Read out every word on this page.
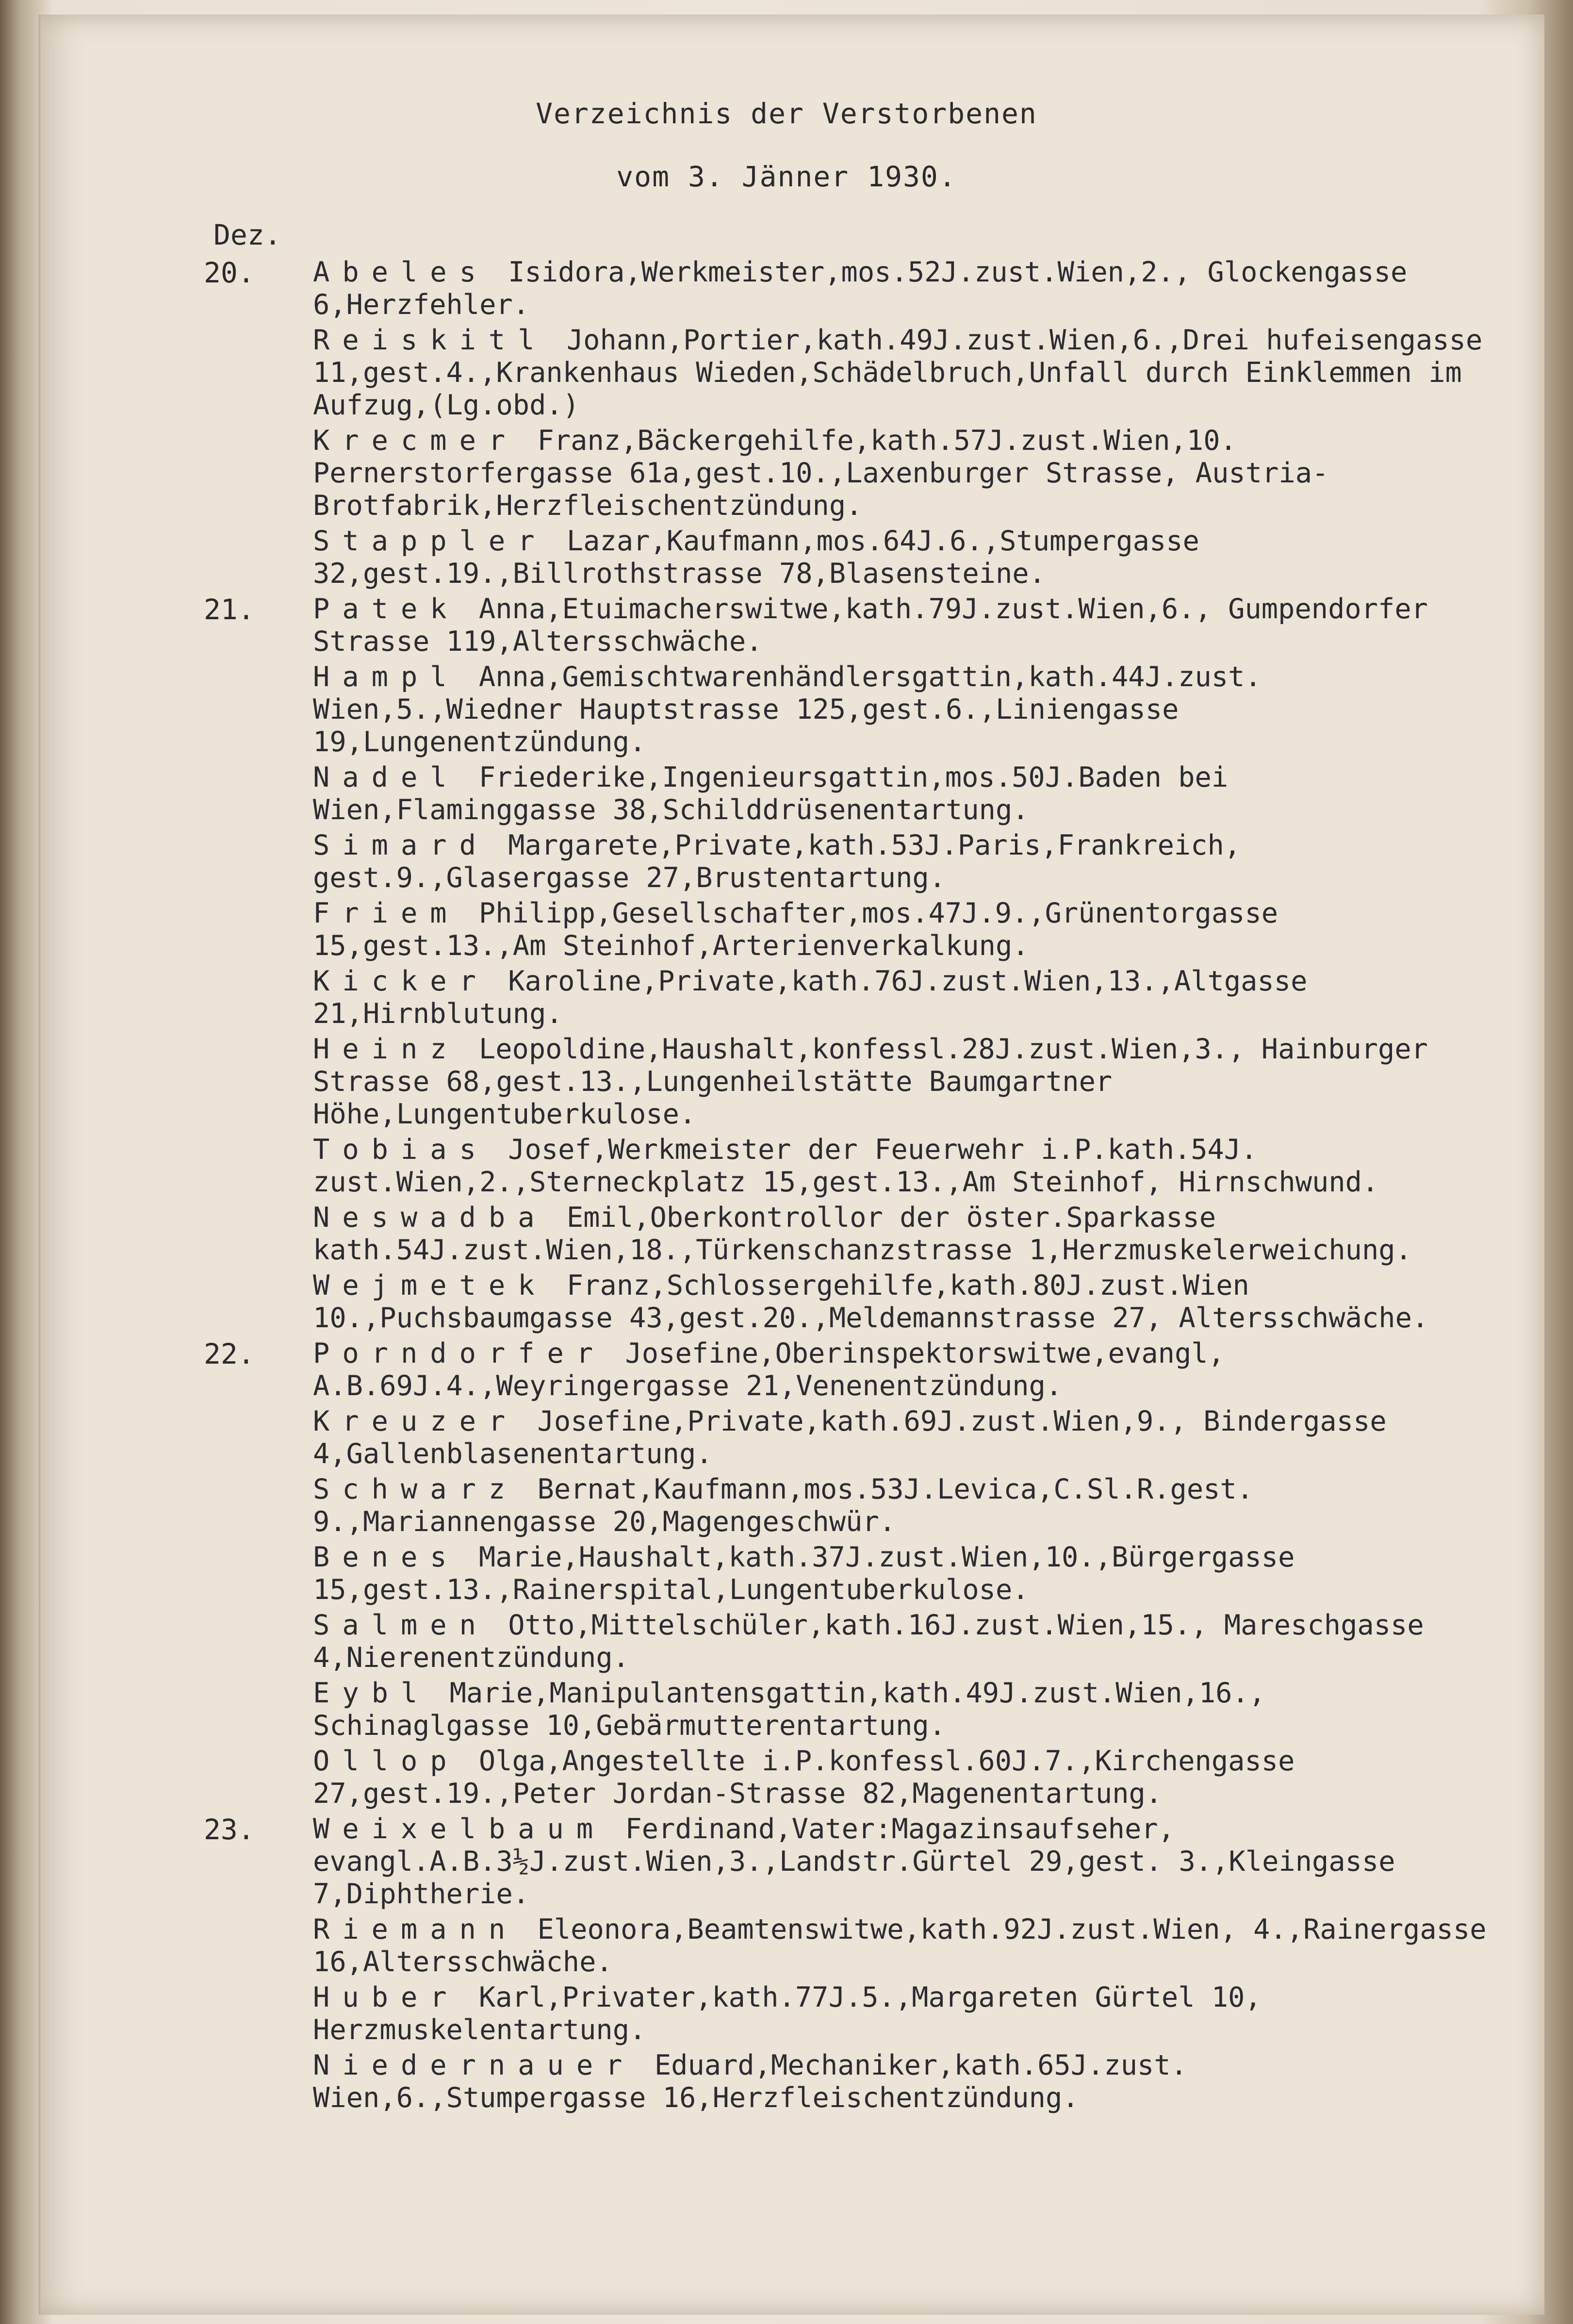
Verzeichnis der Verstorbenen
vom 3. Jänner 1930.
Dez.
20. Abeles Isidora,Werkmeister,mos.52J.zust.Wien,2., Glockengasse 6,Herzfehler.
Reiskitl Johann,Portier,kath.49J.zust.Wien,6.,Drei hufeisengasse 11,gest.4.,Krankenhaus Wieden,Schädelbruch,Unfall durch Einklemmen im Aufzug,(Lg.obd.)
Krecmer Franz,Bäckergehilfe,kath.57J.zust.Wien,10. Pernerstorfergasse 61a,gest.10.,Laxenburger Strasse, Austria-Brotfabrik,Herzfleischentzündung.
Stappler Lazar,Kaufmann,mos.64J.6.,Stumpergasse 32,gest.19.,Billrothstrasse 78,Blasensteine.
21. Patek Anna,Etuimacherswitwe,kath.79J.zust.Wien,6., Gumpendorfer Strasse 119,Altersschwäche.
Hampl Anna,Gemischtwarenhändlersgattin,kath.44J.zust. Wien,5.,Wiedner Hauptstrasse 125,gest.6.,Liniengasse 19,Lungenentzündung.
Nadel Friederike,Ingenieursgattin,mos.50J.Baden bei Wien,Flaminggasse 38,Schilddrüsenentartung.
Simard Margarete,Private,kath.53J.Paris,Frankreich, gest.9.,Glasergasse 27,Brustentartung.
Friem Philipp,Gesellschafter,mos.47J.9.,Grünentorgasse 15,gest.13.,Am Steinhof,Arterienverkalkung.
Kicker Karoline,Private,kath.76J.zust.Wien,13.,Altgasse 21,Hirnblutung.
Heinz Leopoldine,Haushalt,konfessl.28J.zust.Wien,3., Hainburger Strasse 68,gest.13.,Lungenheilstätte Baumgartner Höhe,Lungentuberkulose.
Tobias Josef,Werkmeister der Feuerwehr i.P.kath.54J. zust.Wien,2.,Sterneckplatz 15,gest.13.,Am Steinhof, Hirnschwund.
Neswadba Emil,Oberkontrollor der öster.Sparkasse kath.54J.zust.Wien,18.,Türkenschanzstrasse 1,Herzmuskelerweichung.
Wejmetek Franz,Schlossergehilfe,kath.80J.zust.Wien 10.,Puchsbaumgasse 43,gest.20.,Meldemannstrasse 27, Altersschwäche.
22. Porndorfer Josefine,Oberinspektorswitwe,evangl, A.B.69J.4.,Weyringergasse 21,Venenentzündung.
Kreuzer Josefine,Private,kath.69J.zust.Wien,9., Bindergasse 4,Gallenblasenentartung.
Schwarz Bernat,Kaufmann,mos.53J.Levica,C.Sl.R.gest. 9.,Mariannengasse 20,Magengeschwür.
Benes Marie,Haushalt,kath.37J.zust.Wien,10.,Bürgergasse 15,gest.13.,Rainerspital,Lungentuberkulose.
Salmen Otto,Mittelschüler,kath.16J.zust.Wien,15., Mareschgasse 4,Nierenentzündung.
Eybl Marie,Manipulantensgattin,kath.49J.zust.Wien,16., Schinaglgasse 10,Gebärmutterentartung.
Ollop Olga,Angestellte i.P.konfessl.60J.7.,Kirchengasse 27,gest.19.,Peter Jordan-Strasse 82,Magenentartung.
23. Weixelbaum Ferdinand,Vater:Magazinsaufseher, evangl.A.B.3½J.zust.Wien,3.,Landstr.Gürtel 29,gest. 3.,Kleingasse 7,Diphtherie.
Riemann Eleonora,Beamtenswitwe,kath.92J.zust.Wien, 4.,Rainergasse 16,Altersschwäche.
Huber Karl,Privater,kath.77J.5.,Margareten Gürtel 10, Herzmuskelentartung.
Niedernauer Eduard,Mechaniker,kath.65J.zust. Wien,6.,Stumpergasse 16,Herzfleischentzündung.
